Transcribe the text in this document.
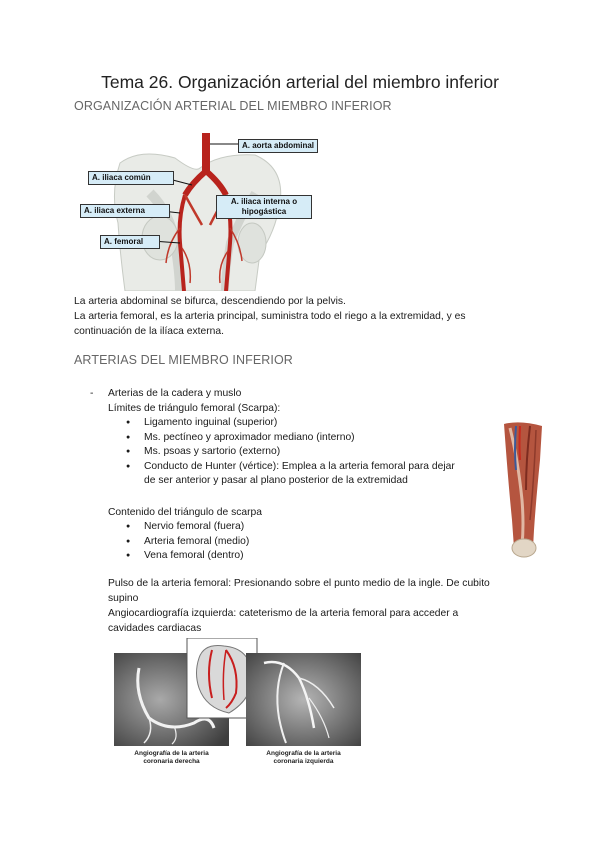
Tema 26. Organización arterial del miembro inferior
ORGANIZACIÓN ARTERIAL DEL MIEMBRO INFERIOR
A. aorta abdominal
A. iliaca común
A. iliaca externa
A. iliaca interna o
hipogástica
A. femoral
La arteria abdominal se bifurca, descendiendo por la pelvis.
La arteria femoral, es la arteria principal, suministra todo el riego a la extremidad, y es
continuación de la ilíaca externa.
ARTERIAS DEL MIEMBRO INFERIOR
- Arterias de la cadera y muslo
Límites de triángulo femoral (Scarpa):
● Ligamento inguinal (superior)
● Ms. pectíneo y aproximador mediano (interno)
● Ms. psoas y sartorio (externo)
● Conducto de Hunter (vértice): Emplea a la arteria femoral para dejar
de ser anterior y pasar al plano posterior de la extremidad
Contenido del triángulo de scarpa
● Nervio femoral (fuera)
● Arteria femoral (medio)
● Vena femoral (dentro)
Pulso de la arteria femoral: Presionando sobre el punto medio de la ingle. De cubito
supino
Angiocardiografía izquierda: cateterismo de la arteria femoral para acceder a
cavidades cardiacas
Angiografía de la arteria
coronaria derecha
Angiografía de la arteria
coronaria izquierda
